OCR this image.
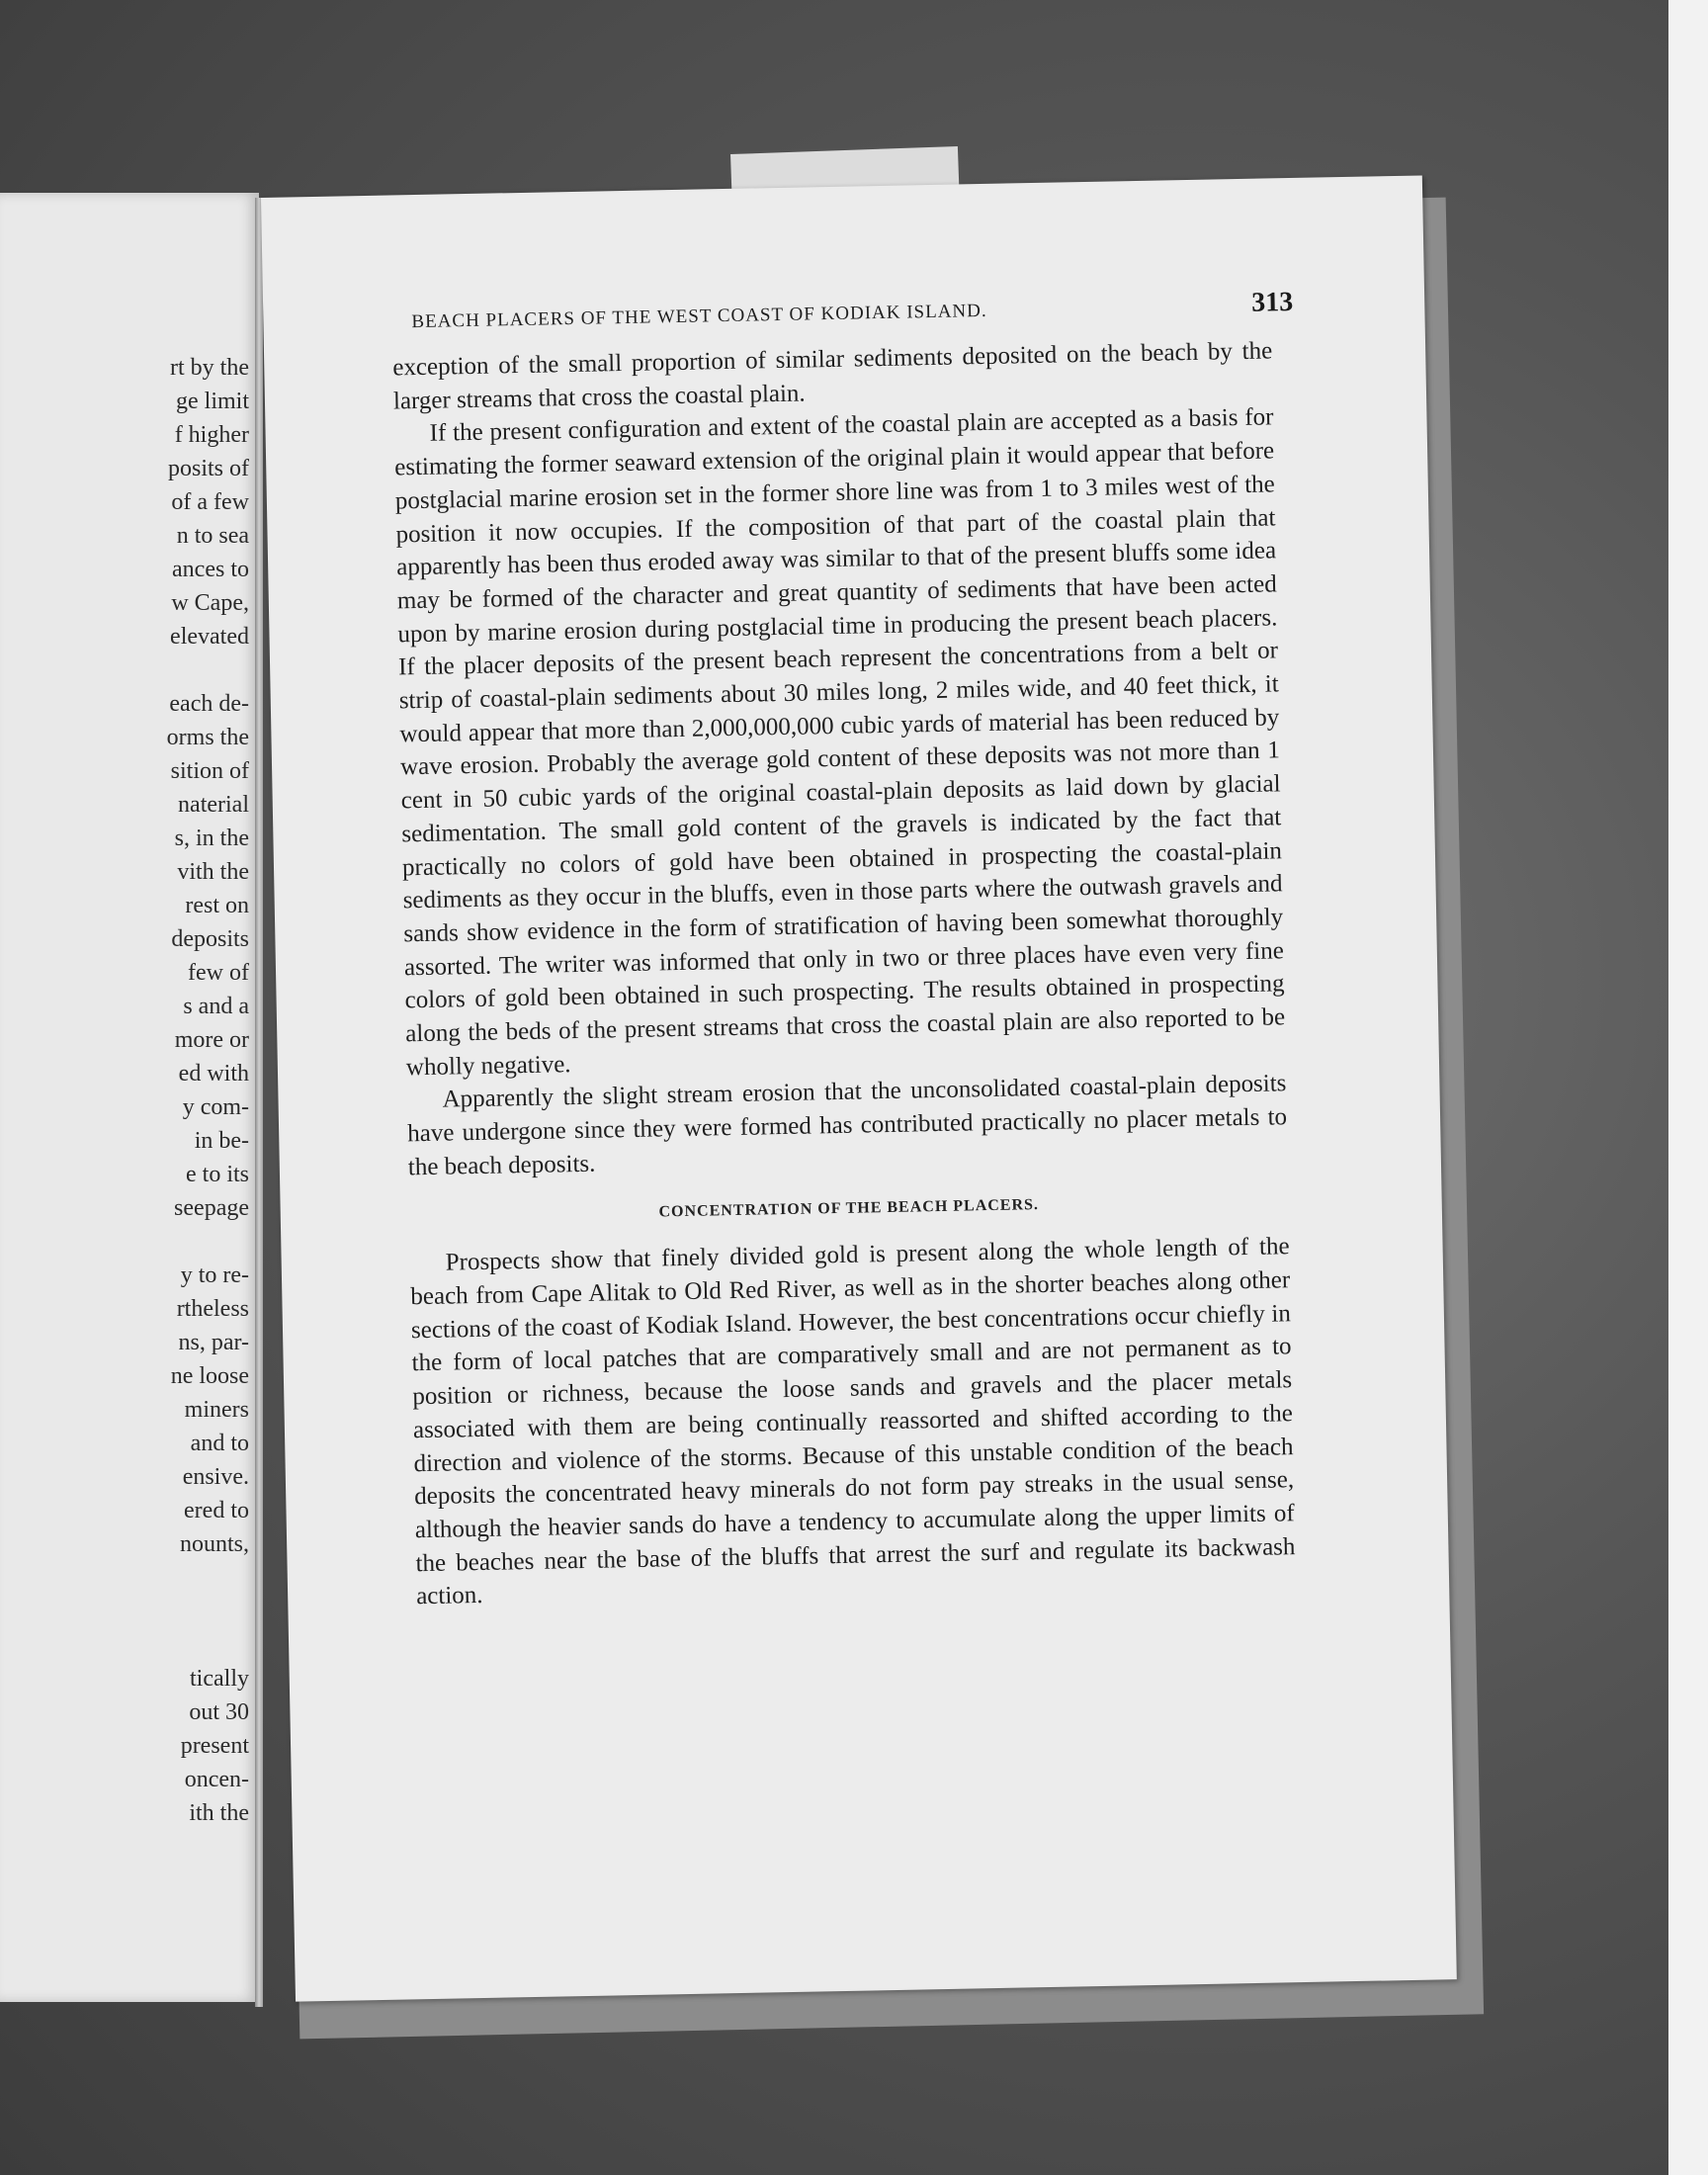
rt by the
ge limit
f higher
posits of
of a few
n to sea
ances to
w Cape,
elevated
each de-
orms the
sition of
naterial
s, in the
vith the
rest on
deposits
few of
s and a
more or
ed with
y com-
in be-
e to its
seepage
y to re-
rtheless
ns, par-
ne loose
miners
and to
ensive.
ered to
nounts,
tically
out 30
present
oncen-
ith the
BEACH PLACERS OF THE WEST COAST OF KODIAK ISLAND.	313

exception of the small proportion of similar sediments deposited on the beach by the larger streams that cross the coastal plain.

If the present configuration and extent of the coastal plain are accepted as a basis for estimating the former seaward extension of the original plain it would appear that before postglacial marine erosion set in the former shore line was from 1 to 3 miles west of the position it now occupies. If the composition of that part of the coastal plain that apparently has been thus eroded away was similar to that of the present bluffs some idea may be formed of the character and great quantity of sediments that have been acted upon by marine erosion during postglacial time in producing the present beach placers. If the placer deposits of the present beach represent the concentrations from a belt or strip of coastal-plain sediments about 30 miles long, 2 miles wide, and 40 feet thick, it would appear that more than 2,000,000,000 cubic yards of material has been reduced by wave erosion. Probably the average gold content of these deposits was not more than 1 cent in 50 cubic yards of the original coastal-plain deposits as laid down by glacial sedimentation. The small gold content of the gravels is indicated by the fact that practically no colors of gold have been obtained in prospecting the coastal-plain sediments as they occur in the bluffs, even in those parts where the outwash gravels and sands show evidence in the form of stratification of having been somewhat thoroughly assorted. The writer was informed that only in two or three places have even very fine colors of gold been obtained in such prospecting. The results obtained in prospecting along the beds of the present streams that cross the coastal plain are also reported to be wholly negative.

Apparently the slight stream erosion that the unconsolidated coastal-plain deposits have undergone since they were formed has contributed practically no placer metals to the beach deposits.

CONCENTRATION OF THE BEACH PLACERS.

Prospects show that finely divided gold is present along the whole length of the beach from Cape Alitak to Old Red River, as well as in the shorter beaches along other sections of the coast of Kodiak Island. However, the best concentrations occur chiefly in the form of local patches that are comparatively small and are not permanent as to position or richness, because the loose sands and gravels and the placer metals associated with them are being continually reassorted and shifted according to the direction and violence of the storms. Because of this unstable condition of the beach deposits the concentrated heavy minerals do not form pay streaks in the usual sense, although the heavier sands do have a tendency to accumulate along the upper limits of the beaches near the base of the bluffs that arrest the surf and regulate its backwash action.
